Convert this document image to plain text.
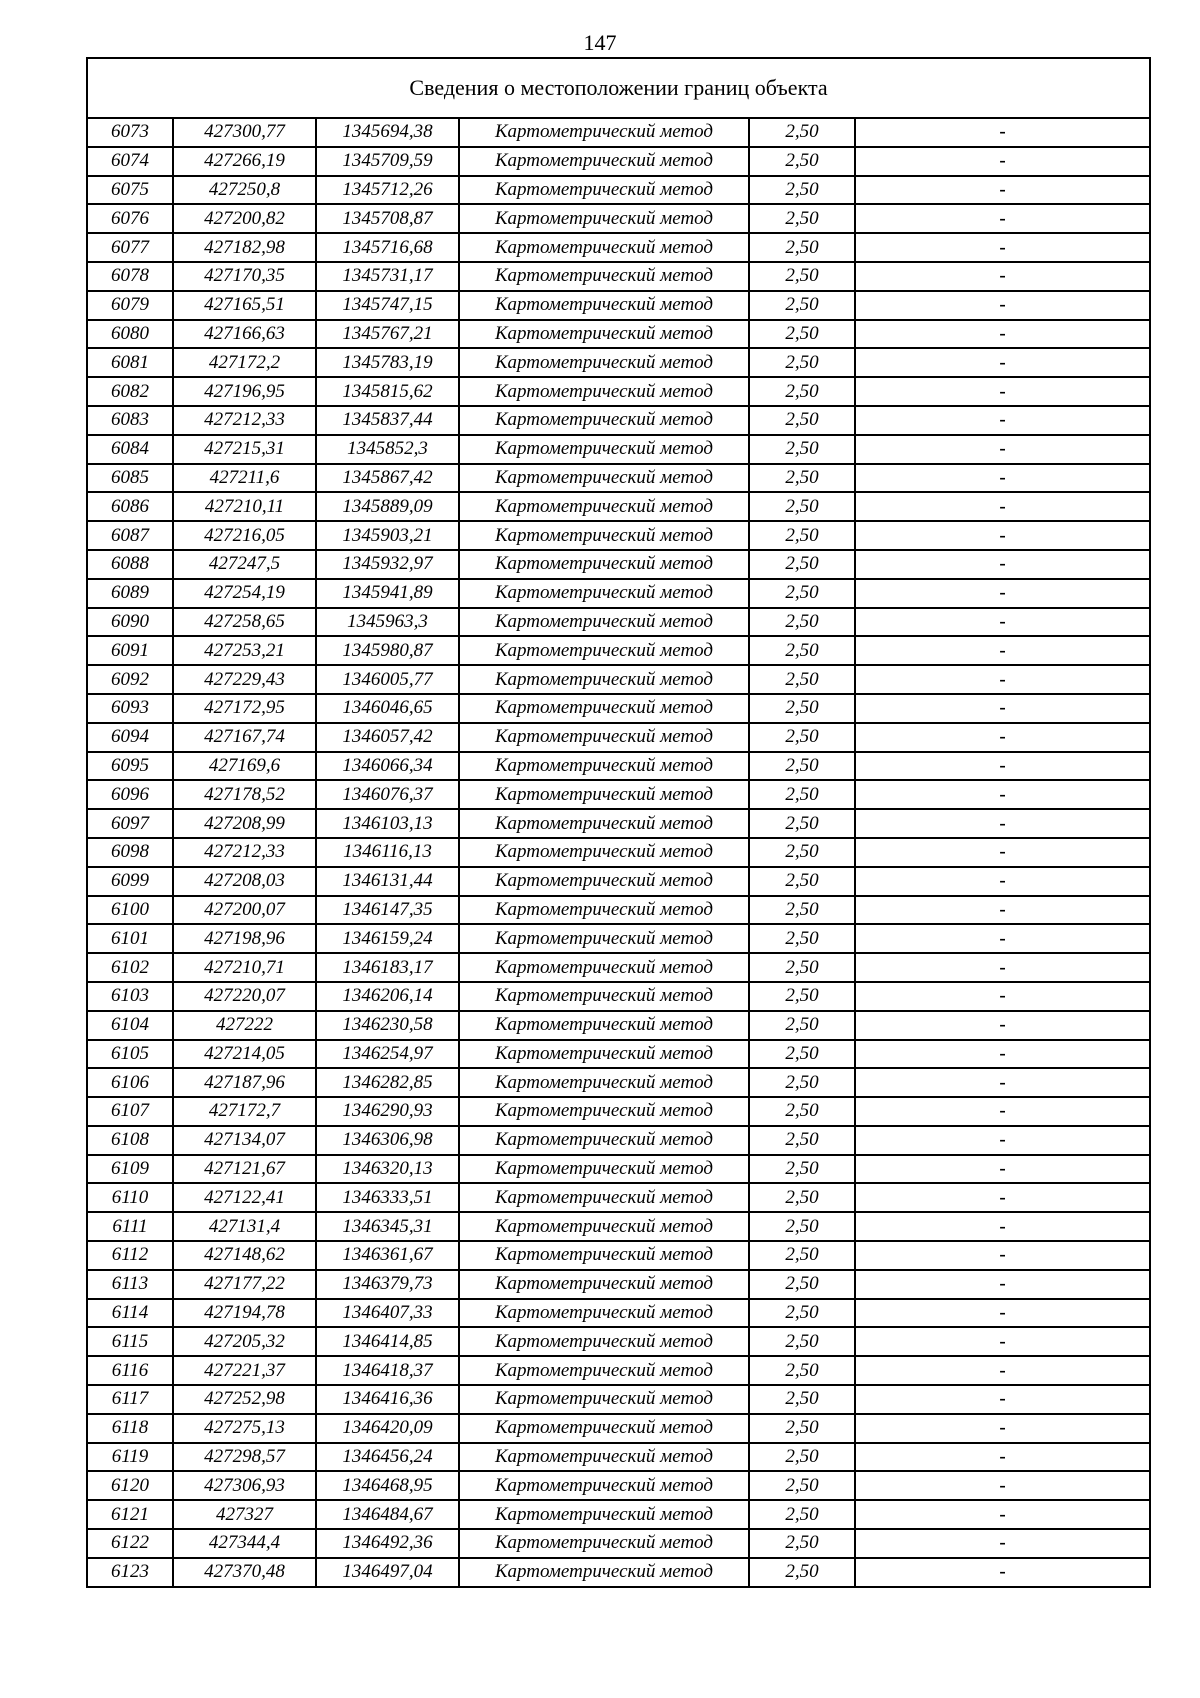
147
Сведения о местоположении границ объекта					
6073	427300,77	1345694,38	Картометрический метод	2,50	-
6074	427266,19	1345709,59	Картометрический метод	2,50	-
6075	427250,8	1345712,26	Картометрический метод	2,50	-
6076	427200,82	1345708,87	Картометрический метод	2,50	-
6077	427182,98	1345716,68	Картометрический метод	2,50	-
6078	427170,35	1345731,17	Картометрический метод	2,50	-
6079	427165,51	1345747,15	Картометрический метод	2,50	-
6080	427166,63	1345767,21	Картометрический метод	2,50	-
6081	427172,2	1345783,19	Картометрический метод	2,50	-
6082	427196,95	1345815,62	Картометрический метод	2,50	-
6083	427212,33	1345837,44	Картометрический метод	2,50	-
6084	427215,31	1345852,3	Картометрический метод	2,50	-
6085	427211,6	1345867,42	Картометрический метод	2,50	-
6086	427210,11	1345889,09	Картометрический метод	2,50	-
6087	427216,05	1345903,21	Картометрический метод	2,50	-
6088	427247,5	1345932,97	Картометрический метод	2,50	-
6089	427254,19	1345941,89	Картометрический метод	2,50	-
6090	427258,65	1345963,3	Картометрический метод	2,50	-
6091	427253,21	1345980,87	Картометрический метод	2,50	-
6092	427229,43	1346005,77	Картометрический метод	2,50	-
6093	427172,95	1346046,65	Картометрический метод	2,50	-
6094	427167,74	1346057,42	Картометрический метод	2,50	-
6095	427169,6	1346066,34	Картометрический метод	2,50	-
6096	427178,52	1346076,37	Картометрический метод	2,50	-
6097	427208,99	1346103,13	Картометрический метод	2,50	-
6098	427212,33	1346116,13	Картометрический метод	2,50	-
6099	427208,03	1346131,44	Картометрический метод	2,50	-
6100	427200,07	1346147,35	Картометрический метод	2,50	-
6101	427198,96	1346159,24	Картометрический метод	2,50	-
6102	427210,71	1346183,17	Картометрический метод	2,50	-
6103	427220,07	1346206,14	Картометрический метод	2,50	-
6104	427222	1346230,58	Картометрический метод	2,50	-
6105	427214,05	1346254,97	Картометрический метод	2,50	-
6106	427187,96	1346282,85	Картометрический метод	2,50	-
6107	427172,7	1346290,93	Картометрический метод	2,50	-
6108	427134,07	1346306,98	Картометрический метод	2,50	-
6109	427121,67	1346320,13	Картометрический метод	2,50	-
6110	427122,41	1346333,51	Картометрический метод	2,50	-
6111	427131,4	1346345,31	Картометрический метод	2,50	-
6112	427148,62	1346361,67	Картометрический метод	2,50	-
6113	427177,22	1346379,73	Картометрический метод	2,50	-
6114	427194,78	1346407,33	Картометрический метод	2,50	-
6115	427205,32	1346414,85	Картометрический метод	2,50	-
6116	427221,37	1346418,37	Картометрический метод	2,50	-
6117	427252,98	1346416,36	Картометрический метод	2,50	-
6118	427275,13	1346420,09	Картометрический метод	2,50	-
6119	427298,57	1346456,24	Картометрический метод	2,50	-
6120	427306,93	1346468,95	Картометрический метод	2,50	-
6121	427327	1346484,67	Картометрический метод	2,50	-
6122	427344,4	1346492,36	Картометрический метод	2,50	-
6123	427370,48	1346497,04	Картометрический метод	2,50	-
